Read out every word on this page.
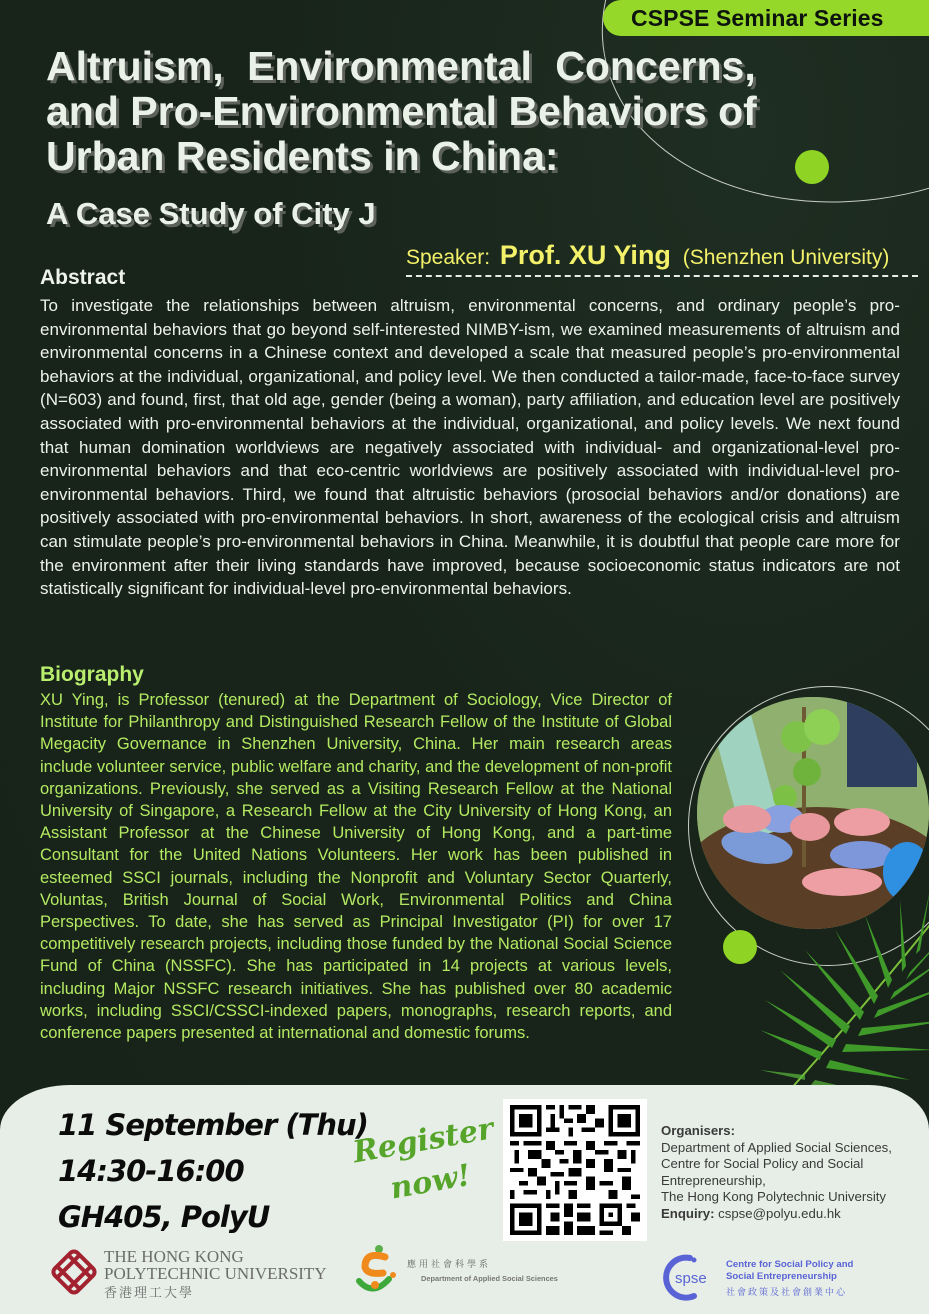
CSPSE Seminar Series
Altruism, Environmental Concerns,
and Pro-Environmental Behaviors of
Urban Residents in China:
A Case Study of City J
Speaker: Prof. XU Ying (Shenzhen University)
Abstract

To investigate the relationships between altruism, environmental concerns, and ordinary people’s pro-environmental behaviors that go beyond self-interested NIMBY-ism, we examined measurements of altruism and environmental concerns in a Chinese context and developed a scale that measured people’s pro-environmental behaviors at the individual, organizational, and policy level. We then conducted a tailor-made, face-to-face survey (N=603) and found, first, that old age, gender (being a woman), party affiliation, and education level are positively associated with pro-environmental behaviors at the individual, organizational, and policy levels. We next found that human domination worldviews are negatively associated with individual- and organizational-level pro-environmental behaviors and that eco-centric worldviews are positively associated with individual-level pro-environmental behaviors. Third, we found that altruistic behaviors (prosocial behaviors and/or donations) are positively associated with pro-environmental behaviors. In short, awareness of the ecological crisis and altruism can stimulate people’s pro-environmental behaviors in China. Meanwhile, it is doubtful that people care more for the environment after their living standards have improved, because socioeconomic status indicators are not statistically significant for individual-level pro-environmental behaviors.

Biography

XU Ying, is Professor (tenured) at the Department of Sociology, Vice Director of Institute for Philanthropy and Distinguished Research Fellow of the Institute of Global Megacity Governance in Shenzhen University, China. Her main research areas include volunteer service, public welfare and charity, and the development of non-profit organizations. Previously, she served as a Visiting Research Fellow at the National University of Singapore, a Research Fellow at the City University of Hong Kong, an Assistant Professor at the Chinese University of Hong Kong, and a part-time Consultant for the United Nations Volunteers. Her work has been published in esteemed SSCI journals, including the Nonprofit and Voluntary Sector Quarterly, Voluntas, British Journal of Social Work, Environmental Politics and China Perspectives. To date, she has served as Principal Investigator (PI) for over 17 competitively research projects, including those funded by the National Social Science Fund of China (NSSFC). She has participated in 14 projects at various levels, including Major NSSFC research initiatives. She has published over 80 academic works, including SSCI/CSSCI-indexed papers, monographs, research reports, and conference papers presented at international and domestic forums.

11 September (Thu)
14:30-16:00
GH405, PolyU
Register
now!
Organisers:
Department of Applied Social Sciences,
Centre for Social Policy and Social
Entrepreneurship,
The Hong Kong Polytechnic University
Enquiry: cspse@polyu.edu.hk
THE HONG KONG
POLYTECHNIC UNIVERSITY
香港理工大學
應用社會科學系
Department of Applied Social Sciences	spse
Centre for Social Policy and
Social Entrepreneurship
社會政策及社會創業中心
